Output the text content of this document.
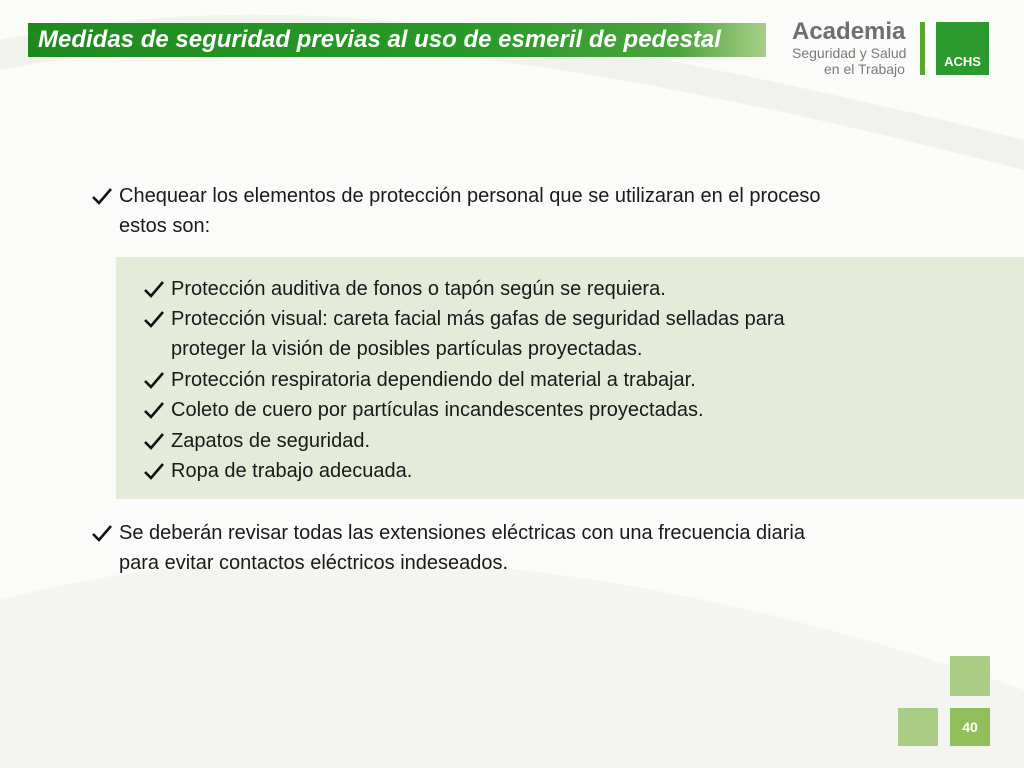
Medidas de seguridad previas al uso de esmeril de pedestal	Academia
Seguridad y Salud
en el Trabajo	ACHS
Chequear los elementos de protección personal que se utilizaran en el proceso
estos son:
Protección auditiva de fonos o tapón según se requiera.
Protección visual: careta facial más gafas de seguridad selladas para
proteger la visión de posibles partículas proyectadas.
Protección respiratoria dependiendo del material a trabajar.
Coleto de cuero por partículas incandescentes proyectadas.
Zapatos de seguridad.
Ropa de trabajo adecuada.
Se deberán revisar todas las extensiones eléctricas con una frecuencia diaria
para evitar contactos eléctricos indeseados.
40
